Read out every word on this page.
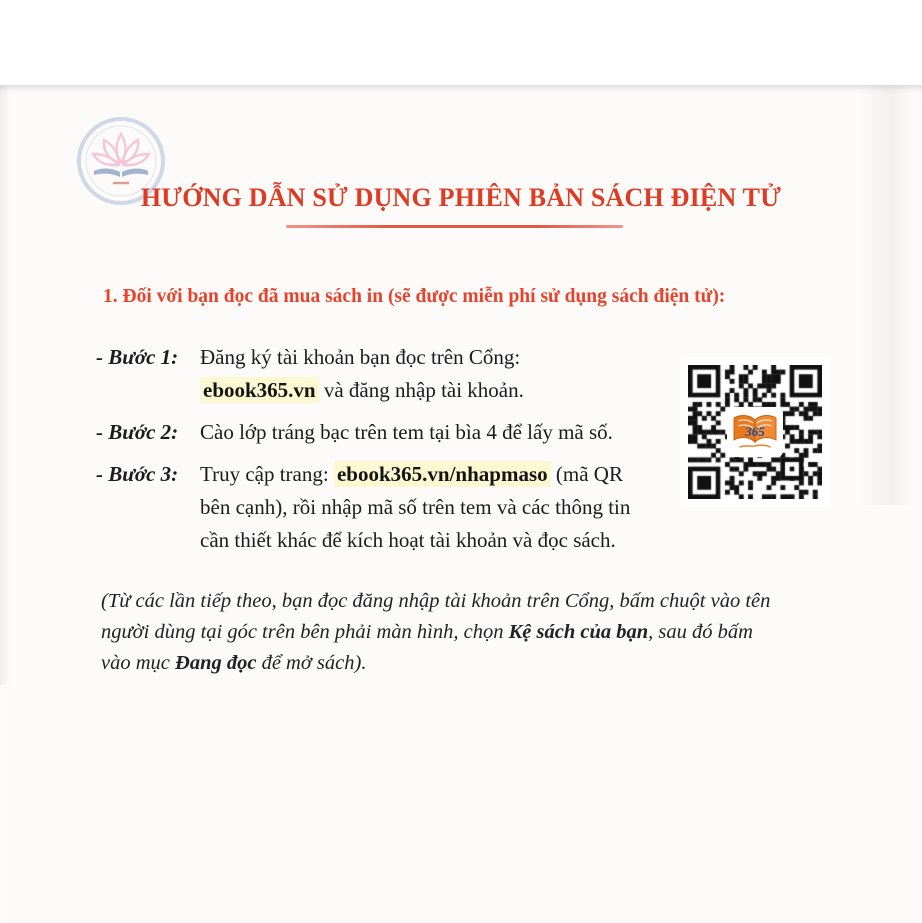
HƯỚNG DẪN SỬ DỤNG PHIÊN BẢN SÁCH ĐIỆN TỬ
1. Đối với bạn đọc đã mua sách in (sẽ được miễn phí sử dụng sách điện tử):
- Bước 1:	Đăng ký tài khoản bạn đọc trên Cổng:
ebook365.vn và đăng nhập tài khoản.
- Bước 2:	Cào lớp tráng bạc trên tem tại bìa 4 để lấy mã số.
- Bước 3:	Truy cập trang: ebook365.vn/nhapmaso (mã QR
bên cạnh), rồi nhập mã số trên tem và các thông tin
cần thiết khác để kích hoạt tài khoản và đọc sách.
365
(Từ các lần tiếp theo, bạn đọc đăng nhập tài khoản trên Cổng, bấm chuột vào tên
người dùng tại góc trên bên phải màn hình, chọn Kệ sách của bạn, sau đó bấm
vào mục Đang đọc để mở sách).
